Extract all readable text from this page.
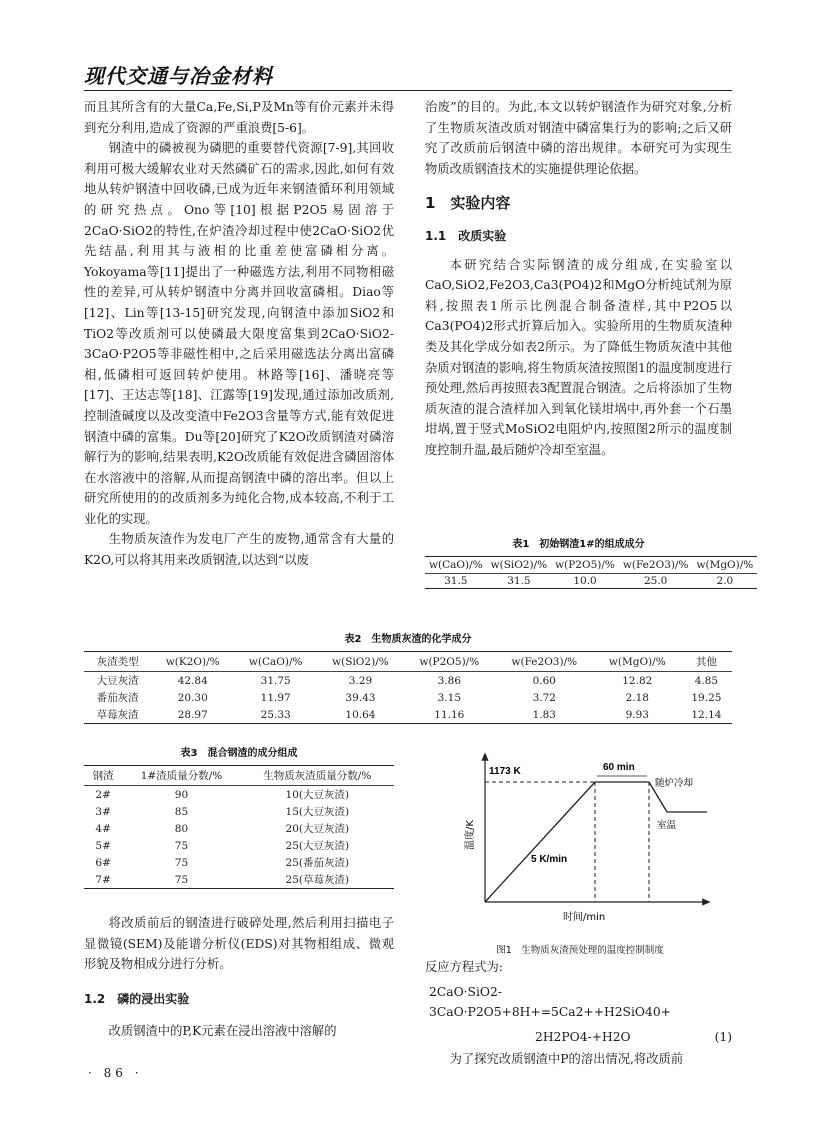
现代交通与冶金材料

而且其所含有的大量Ca,Fe,Si,P及Mn等有价元素并未得到充分利用,造成了资源的严重浪费[5-6]。

钢渣中的磷被视为磷肥的重要替代资源[7-9],其回收利用可极大缓解农业对天然磷矿石的需求,因此,如何有效地从转炉钢渣中回收磷,已成为近年来钢渣循环利用领域的研究热点。Ono等[10]根据P2O5易固溶于2CaO·SiO2的特性,在炉渣冷却过程中使2CaO·SiO2优先结晶,利用其与液相的比重差使富磷相分离。Yokoyama等[11]提出了一种磁选方法,利用不同物相磁性的差异,可从转炉钢渣中分离并回收富磷相。Diao等[12]、Lin等[13-15]研究发现,向钢渣中添加SiO2和TiO2等改质剂可以使磷最大限度富集到2CaO·SiO2-3CaO·P2O5等非磁性相中,之后采用磁选法分离出富磷相,低磷相可返回转炉使用。林路等[16]、潘晓亮等[17]、王达志等[18]、江露等[19]发现,通过添加改质剂,控制渣碱度以及改变渣中Fe2O3含量等方式,能有效促进钢渣中磷的富集。Du等[20]研究了K2O改质钢渣对磷溶解行为的影响,结果表明,K2O改质能有效促进含磷固溶体在水溶液中的溶解,从而提高钢渣中磷的溶出率。但以上研究所使用的的改质剂多为纯化合物,成本较高,不利于工业化的实现。

生物质灰渣作为发电厂产生的废物,通常含有大量的K2O,可以将其用来改质钢渣,以达到“以废

治废”的目的。为此,本文以转炉钢渣作为研究对象,分析了生物质灰渣改质对钢渣中磷富集行为的影响;之后又研究了改质前后钢渣中磷的溶出规律。本研究可为实现生物质改质钢渣技术的实施提供理论依据。

1　实验内容
1.1　改质实验

本研究结合实际钢渣的成分组成,在实验室以CaO,SiO2,Fe2O3,Ca3(PO4)2和MgO分析纯试剂为原料,按照表1所示比例混合制备渣样,其中P2O5以Ca3(PO4)2形式折算后加入。实验所用的生物质灰渣种类及其化学成分如表2所示。为了降低生物质灰渣中其他杂质对钢渣的影响,将生物质灰渣按照图1的温度制度进行预处理,然后再按照表3配置混合钢渣。之后将添加了生物质灰渣的混合渣样加入到氧化镁坩埚中,再外套一个石墨坩埚,置于竖式MoSiO2电阻炉内,按照图2所示的温度制度控制升温,最后随炉冷却至室温。

表1　初始钢渣1#的组成成分
w(CaO)/%	w(SiO2)/%	w(P2O5)/%	w(Fe2O3)/%	w(MgO)/%
31.5	31.5	10.0	25.0	2.0
表2　生物质灰渣的化学成分
灰渣类型	w(K2O)/%	w(CaO)/%	w(SiO2)/%	w(P2O5)/%	w(Fe2O3)/%	w(MgO)/%	其他
大豆灰渣	42.84	31.75	3.29	3.86	0.60	12.82	4.85
番茄灰渣	20.30	11.97	39.43	3.15	3.72	2.18	19.25
草莓灰渣	28.97	25.33	10.64	11.16	1.83	9.93	12.14
表3　混合钢渣的成分组成
钢渣	1#渣质量分数/%	生物质灰渣质量分数/%
2#	90	10(大豆灰渣)
3#	85	15(大豆灰渣)
4#	80	20(大豆灰渣)
5#	75	25(大豆灰渣)
6#	75	25(番茄灰渣)
7#	75	25(草莓灰渣)

将改质前后的钢渣进行破碎处理,然后利用扫描电子显微镜(SEM)及能谱分析仪(EDS)对其物相组成、微观形貌及物相成分进行分析。

1.2　磷的浸出实验

改质钢渣中的P,K元素在浸出溶液中溶解的

1173 K	60 min
随炉冷却
室温
5 K/min
温度/K
时间/min
图1　生物质灰渣预处理的温度控制制度

反应方程式为:

2CaO·SiO2-3CaO·P2O5+8H+=5Ca2++H2SiO40+

2H2PO4-+H2O	(1)

为了探究改质钢渣中P的溶出情况,将改质前

· 86 ·
